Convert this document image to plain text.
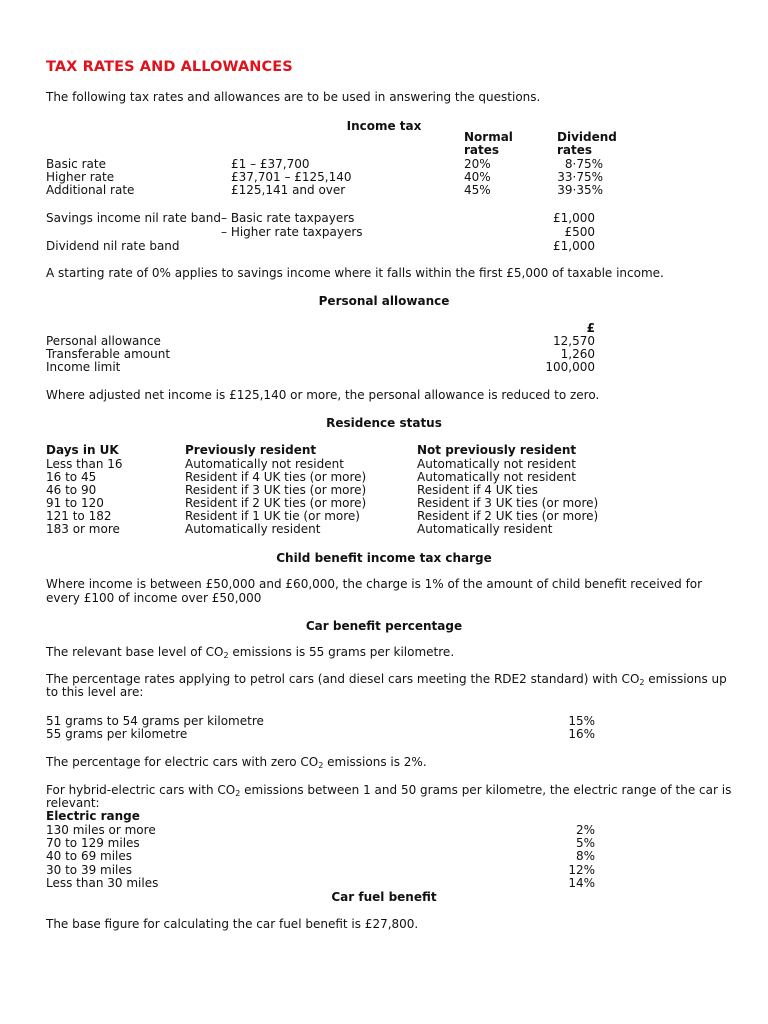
TAX RATES AND ALLOWANCES
The following tax rates and allowances are to be used in answering the questions.
Income tax
Normal
rates
Dividend
rates
Basic rate	£1 – £37,700	20%	8·75%
Higher rate	£37,701 – £125,140	40%	33·75%
Additional rate	£125,141 and over	45%	39·35%
Savings income nil rate band – Basic rate taxpayers	£1,000
– Higher rate taxpayers	£500
Dividend nil rate band	£1,000
A starting rate of 0% applies to savings income where it falls within the first £5,000 of taxable income.
Personal allowance
£
Personal allowance	12,570
Transferable amount	1,260
Income limit	100,000
Where adjusted net income is £125,140 or more, the personal allowance is reduced to zero.
Residence status
Days in UK	Previously resident	Not previously resident
Less than 16	Automatically not resident	Automatically not resident
16 to 45	Resident if 4 UK ties (or more)	Automatically not resident
46 to 90	Resident if 3 UK ties (or more)	Resident if 4 UK ties
91 to 120	Resident if 2 UK ties (or more)	Resident if 3 UK ties (or more)
121 to 182	Resident if 1 UK tie (or more)	Resident if 2 UK ties (or more)
183 or more	Automatically resident	Automatically resident
Child benefit income tax charge
Where income is between £50,000 and £60,000, the charge is 1% of the amount of child benefit received for
every £100 of income over £50,000
Car benefit percentage
The relevant base level of $CO_2$ emissions is 55 grams per kilometre.
The percentage rates applying to petrol cars (and diesel cars meeting the RDE2 standard) with $CO_2$ emissions up
to this level are:
51 grams to 54 grams per kilometre	15%
55 grams per kilometre	16%
The percentage for electric cars with zero $CO_2$ emissions is 2%.
For hybrid-electric cars with $CO_2$ emissions between 1 and 50 grams per kilometre, the electric range of the car is
relevant:
Electric range
130 miles or more	2%
70 to 129 miles	5%
40 to 69 miles	8%
30 to 39 miles	12%
Less than 30 miles	14%
Car fuel benefit
The base figure for calculating the car fuel benefit is £27,800.
